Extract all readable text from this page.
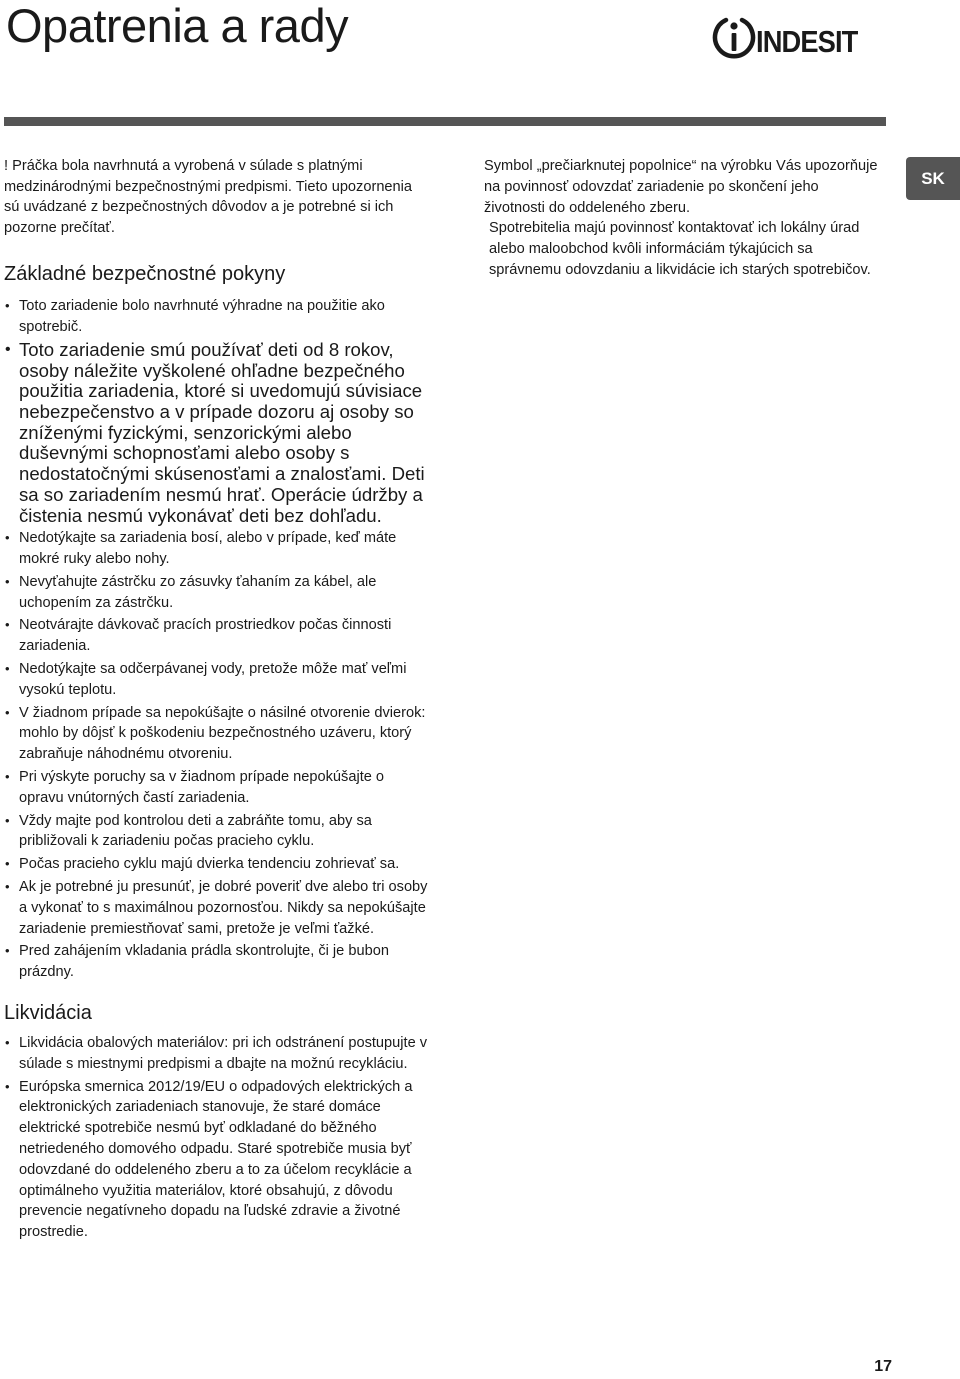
Opatrenia a rady	INDESIT
SK

! Práčka bola navrhnutá a vyrobená v súlade s platnými medzinárodnými bezpečnostnými predpismi. Tieto upozornenia sú uvádzané z bezpečnostných dôvodov a je potrebné si ich pozorne prečítať.

Základné bezpečnostné pokyny
• Toto zariadenie bolo navrhnuté výhradne na použitie ako spotrebič.
• Toto zariadenie smú používať deti od 8 rokov, osoby náležite vyškolené ohľadne bezpečného použitia zariadenia, ktoré si uvedomujú súvisiace nebezpečenstvo a v prípade dozoru aj osoby so zníženými fyzickými, senzorickými alebo duševnými schopnosťami alebo osoby s nedostatočnými skúsenosťami a znalosťami. Deti sa so zariadením nesmú hrať. Operácie údržby a čistenia nesmú vykonávať deti bez dohľadu.
• Nedotýkajte sa zariadenia bosí, alebo v prípade, keď máte mokré ruky alebo nohy.
• Nevyťahujte zástrčku zo zásuvky ťahaním za kábel, ale uchopením za zástrčku.
• Neotvárajte dávkovač pracích prostriedkov počas činnosti zariadenia.
• Nedotýkajte sa odčerpávanej vody, pretože môže mať veľmi vysokú teplotu.
• V žiadnom prípade sa nepokúšajte o násilné otvorenie dvierok: mohlo by dôjsť k poškodeniu bezpečnostného uzáveru, ktorý zabraňuje náhodnému otvoreniu.
• Pri výskyte poruchy sa v žiadnom prípade nepokúšajte o opravu vnútorných častí zariadenia.
• Vždy majte pod kontrolou deti a zabráňte tomu, aby sa približovali k zariadeniu počas pracieho cyklu.
• Počas pracieho cyklu majú dvierka tendenciu zohrievať sa.
• Ak je potrebné ju presunúť, je dobré poveriť dve alebo tri osoby a vykonať to s maximálnou pozornosťou. Nikdy sa nepokúšajte zariadenie premiestňovať sami, pretože je veľmi ťažké.
• Pred zahájením vkladania prádla skontrolujte, či je bubon prázdny.
Likvidácia
• Likvidácia obalových materiálov: pri ich odstránení postupujte v súlade s miestnymi predpismi a dbajte na možnú recykláciu.
• Európska smernica 2012/19/EU o odpadových elektrických a elektronických zariadeniach stanovuje, že staré domáce elektrické spotrebiče nesmú byť odkladané do běžného netriedeného domového odpadu. Staré spotrebiče musia byť odovzdané do oddeleného zberu a to za účelom recyklácie a optimálneho využitia materiálov, ktoré obsahujú, z dôvodu prevencie negatívneho dopadu na ľudské zdravie a životné prostredie.

Symbol „prečiarknutej popolnice“ na výrobku Vás upozorňuje na povinnosť odovzdať zariadenie po skončení jeho životnosti do oddeleného zberu.

Spotrebitelia majú povinnosť kontaktovať ich lokálny úrad alebo maloobchod kvôli informáciám týkajúcich sa správnemu odovzdaniu a likvidácie ich starých spotrebičov.

17
